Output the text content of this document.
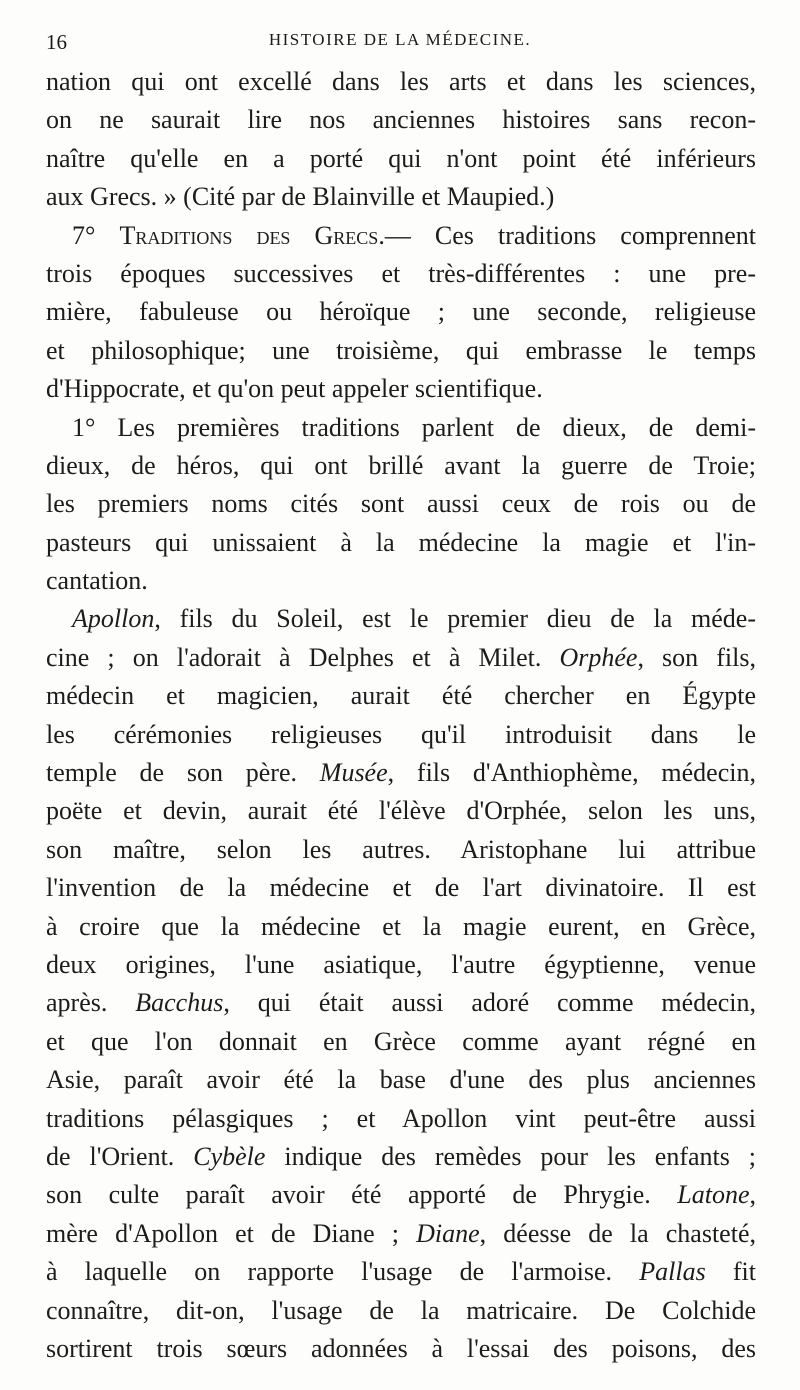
16	HISTOIRE DE LA MÉDECINE.
nation qui ont excellé dans les arts et dans les sciences,
on ne saurait lire nos anciennes histoires sans recon-
naître qu'elle en a porté qui n'ont point été inférieurs
aux Grecs. » (Cité par de Blainville et Maupied.)
7° Traditions des Grecs.— Ces traditions comprennent
trois époques successives et très-différentes : une pre-
mière, fabuleuse ou héroïque ; une seconde, religieuse
et philosophique; une troisième, qui embrasse le temps
d'Hippocrate, et qu'on peut appeler scientifique.
1° Les premières traditions parlent de dieux, de demi-
dieux, de héros, qui ont brillé avant la guerre de Troie;
les premiers noms cités sont aussi ceux de rois ou de
pasteurs qui unissaient à la médecine la magie et l'in-
cantation.
Apollon, fils du Soleil, est le premier dieu de la méde-
cine ; on l'adorait à Delphes et à Milet. Orphée, son fils,
médecin et magicien, aurait été chercher en Égypte
les cérémonies religieuses qu'il introduisit dans le
temple de son père. Musée, fils d'Anthiophème, médecin,
poëte et devin, aurait été l'élève d'Orphée, selon les uns,
son maître, selon les autres. Aristophane lui attribue
l'invention de la médecine et de l'art divinatoire. Il est
à croire que la médecine et la magie eurent, en Grèce,
deux origines, l'une asiatique, l'autre égyptienne, venue
après. Bacchus, qui était aussi adoré comme médecin,
et que l'on donnait en Grèce comme ayant régné en
Asie, paraît avoir été la base d'une des plus anciennes
traditions pélasgiques ; et Apollon vint peut-être aussi
de l'Orient. Cybèle indique des remèdes pour les enfants ;
son culte paraît avoir été apporté de Phrygie. Latone,
mère d'Apollon et de Diane ; Diane, déesse de la chasteté,
à laquelle on rapporte l'usage de l'armoise. Pallas fit
connaître, dit-on, l'usage de la matricaire. De Colchide
sortirent trois sœurs adonnées à l'essai des poisons, des
